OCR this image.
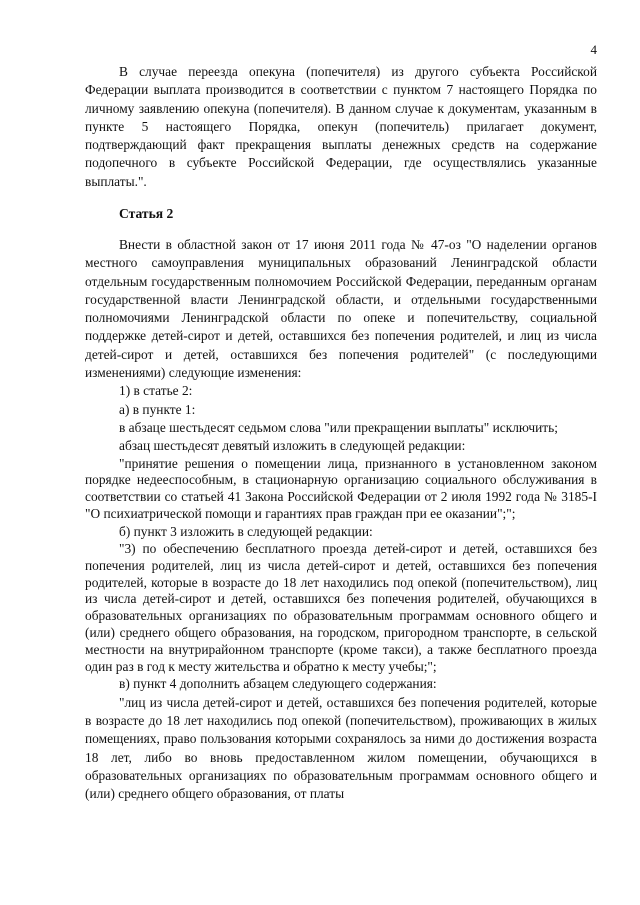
4

В случае переезда опекуна (попечителя) из другого субъекта Российской Федерации выплата производится в соответствии с пунктом 7 настоящего Порядка по личному заявлению опекуна (попечителя). В данном случае к документам, указанным в пункте 5 настоящего Порядка, опекун (попечитель) прилагает документ, подтверждающий факт прекращения выплаты денежных средств на содержание подопечного в субъекте Российской Федерации, где осуществлялись указанные выплаты.".

Статья 2

Внести в областной закон от 17 июня 2011 года № 47-оз "О наделении органов местного самоуправления муниципальных образований Ленинградской области отдельным государственным полномочием Российской Федерации, переданным органам государственной власти Ленинградской области, и отдельными государственными полномочиями Ленинградской области по опеке и попечительству, социальной поддержке детей-сирот и детей, оставшихся без попечения родителей, и лиц из числа детей-сирот и детей, оставшихся без попечения родителей" (с последующими изменениями) следующие изменения:

1) в статье 2:

а) в пункте 1:

в абзаце шестьдесят седьмом слова "или прекращении выплаты" исключить;

абзац шестьдесят девятый изложить в следующей редакции:

"принятие решения о помещении лица, признанного в установленном законом порядке недееспособным, в стационарную организацию социального обслуживания в соответствии со статьей 41 Закона Российской Федерации от 2 июля 1992 года № 3185-I "О психиатрической помощи и гарантиях прав граждан при ее оказании";";

б) пункт 3 изложить в следующей редакции:

"3) по обеспечению бесплатного проезда детей-сирот и детей, оставшихся без попечения родителей, лиц из числа детей-сирот и детей, оставшихся без попечения родителей, которые в возрасте до 18 лет находились под опекой (попечительством), лиц из числа детей-сирот и детей, оставшихся без попечения родителей, обучающихся в образовательных организациях по образовательным программам основного общего и (или) среднего общего образования, на городском, пригородном транспорте, в сельской местности на внутрирайонном транспорте (кроме такси), а также бесплатного проезда один раз в год к месту жительства и обратно к месту учебы;";

в) пункт 4 дополнить абзацем следующего содержания:

"лиц из числа детей-сирот и детей, оставшихся без попечения родителей, которые в возрасте до 18 лет находились под опекой (попечительством), проживающих в жилых помещениях, право пользования которыми сохранялось за ними до достижения возраста 18 лет, либо во вновь предоставленном жилом помещении, обучающихся в образовательных организациях по образовательным программам основного общего и (или) среднего общего образования, от платы
